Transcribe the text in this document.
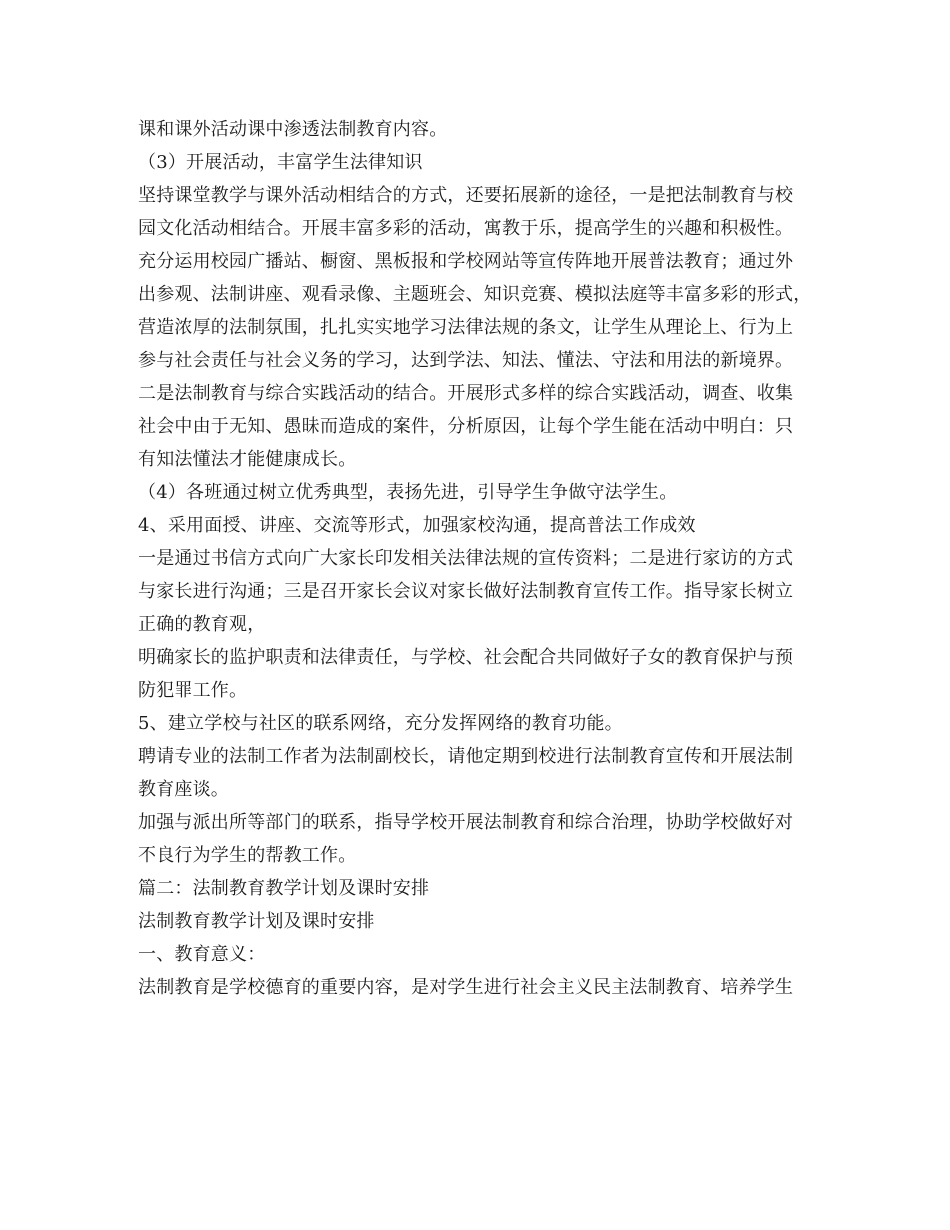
课和课外活动课中渗透法制教育内容。
（3）开展活动，丰富学生法律知识
坚持课堂教学与课外活动相结合的方式，还要拓展新的途径，一是把法制教育与校
园文化活动相结合。开展丰富多彩的活动，寓教于乐，提高学生的兴趣和积极性。
充分运用校园广播站、橱窗、黑板报和学校网站等宣传阵地开展普法教育；通过外
出参观、法制讲座、观看录像、主题班会、知识竞赛、模拟法庭等丰富多彩的形式，
营造浓厚的法制氛围，扎扎实实地学习法律法规的条文，让学生从理论上、行为上
参与社会责任与社会义务的学习，达到学法、知法、懂法、守法和用法的新境界。
二是法制教育与综合实践活动的结合。开展形式多样的综合实践活动，调查、收集
社会中由于无知、愚昧而造成的案件，分析原因，让每个学生能在活动中明白：只
有知法懂法才能健康成长。
（4）各班通过树立优秀典型，表扬先进，引导学生争做守法学生。
4、采用面授、讲座、交流等形式，加强家校沟通，提高普法工作成效
一是通过书信方式向广大家长印发相关法律法规的宣传资料；二是进行家访的方式
与家长进行沟通；三是召开家长会议对家长做好法制教育宣传工作。指导家长树立
正确的教育观，
明确家长的监护职责和法律责任，与学校、社会配合共同做好子女的教育保护与预
防犯罪工作。
5、建立学校与社区的联系网络，充分发挥网络的教育功能。
聘请专业的法制工作者为法制副校长，请他定期到校进行法制教育宣传和开展法制
教育座谈。
加强与派出所等部门的联系，指导学校开展法制教育和综合治理，协助学校做好对
不良行为学生的帮教工作。
篇二：法制教育教学计划及课时安排
法制教育教学计划及课时安排
一、教育意义：
法制教育是学校德育的重要内容，是对学生进行社会主义民主法制教育、培养学生
